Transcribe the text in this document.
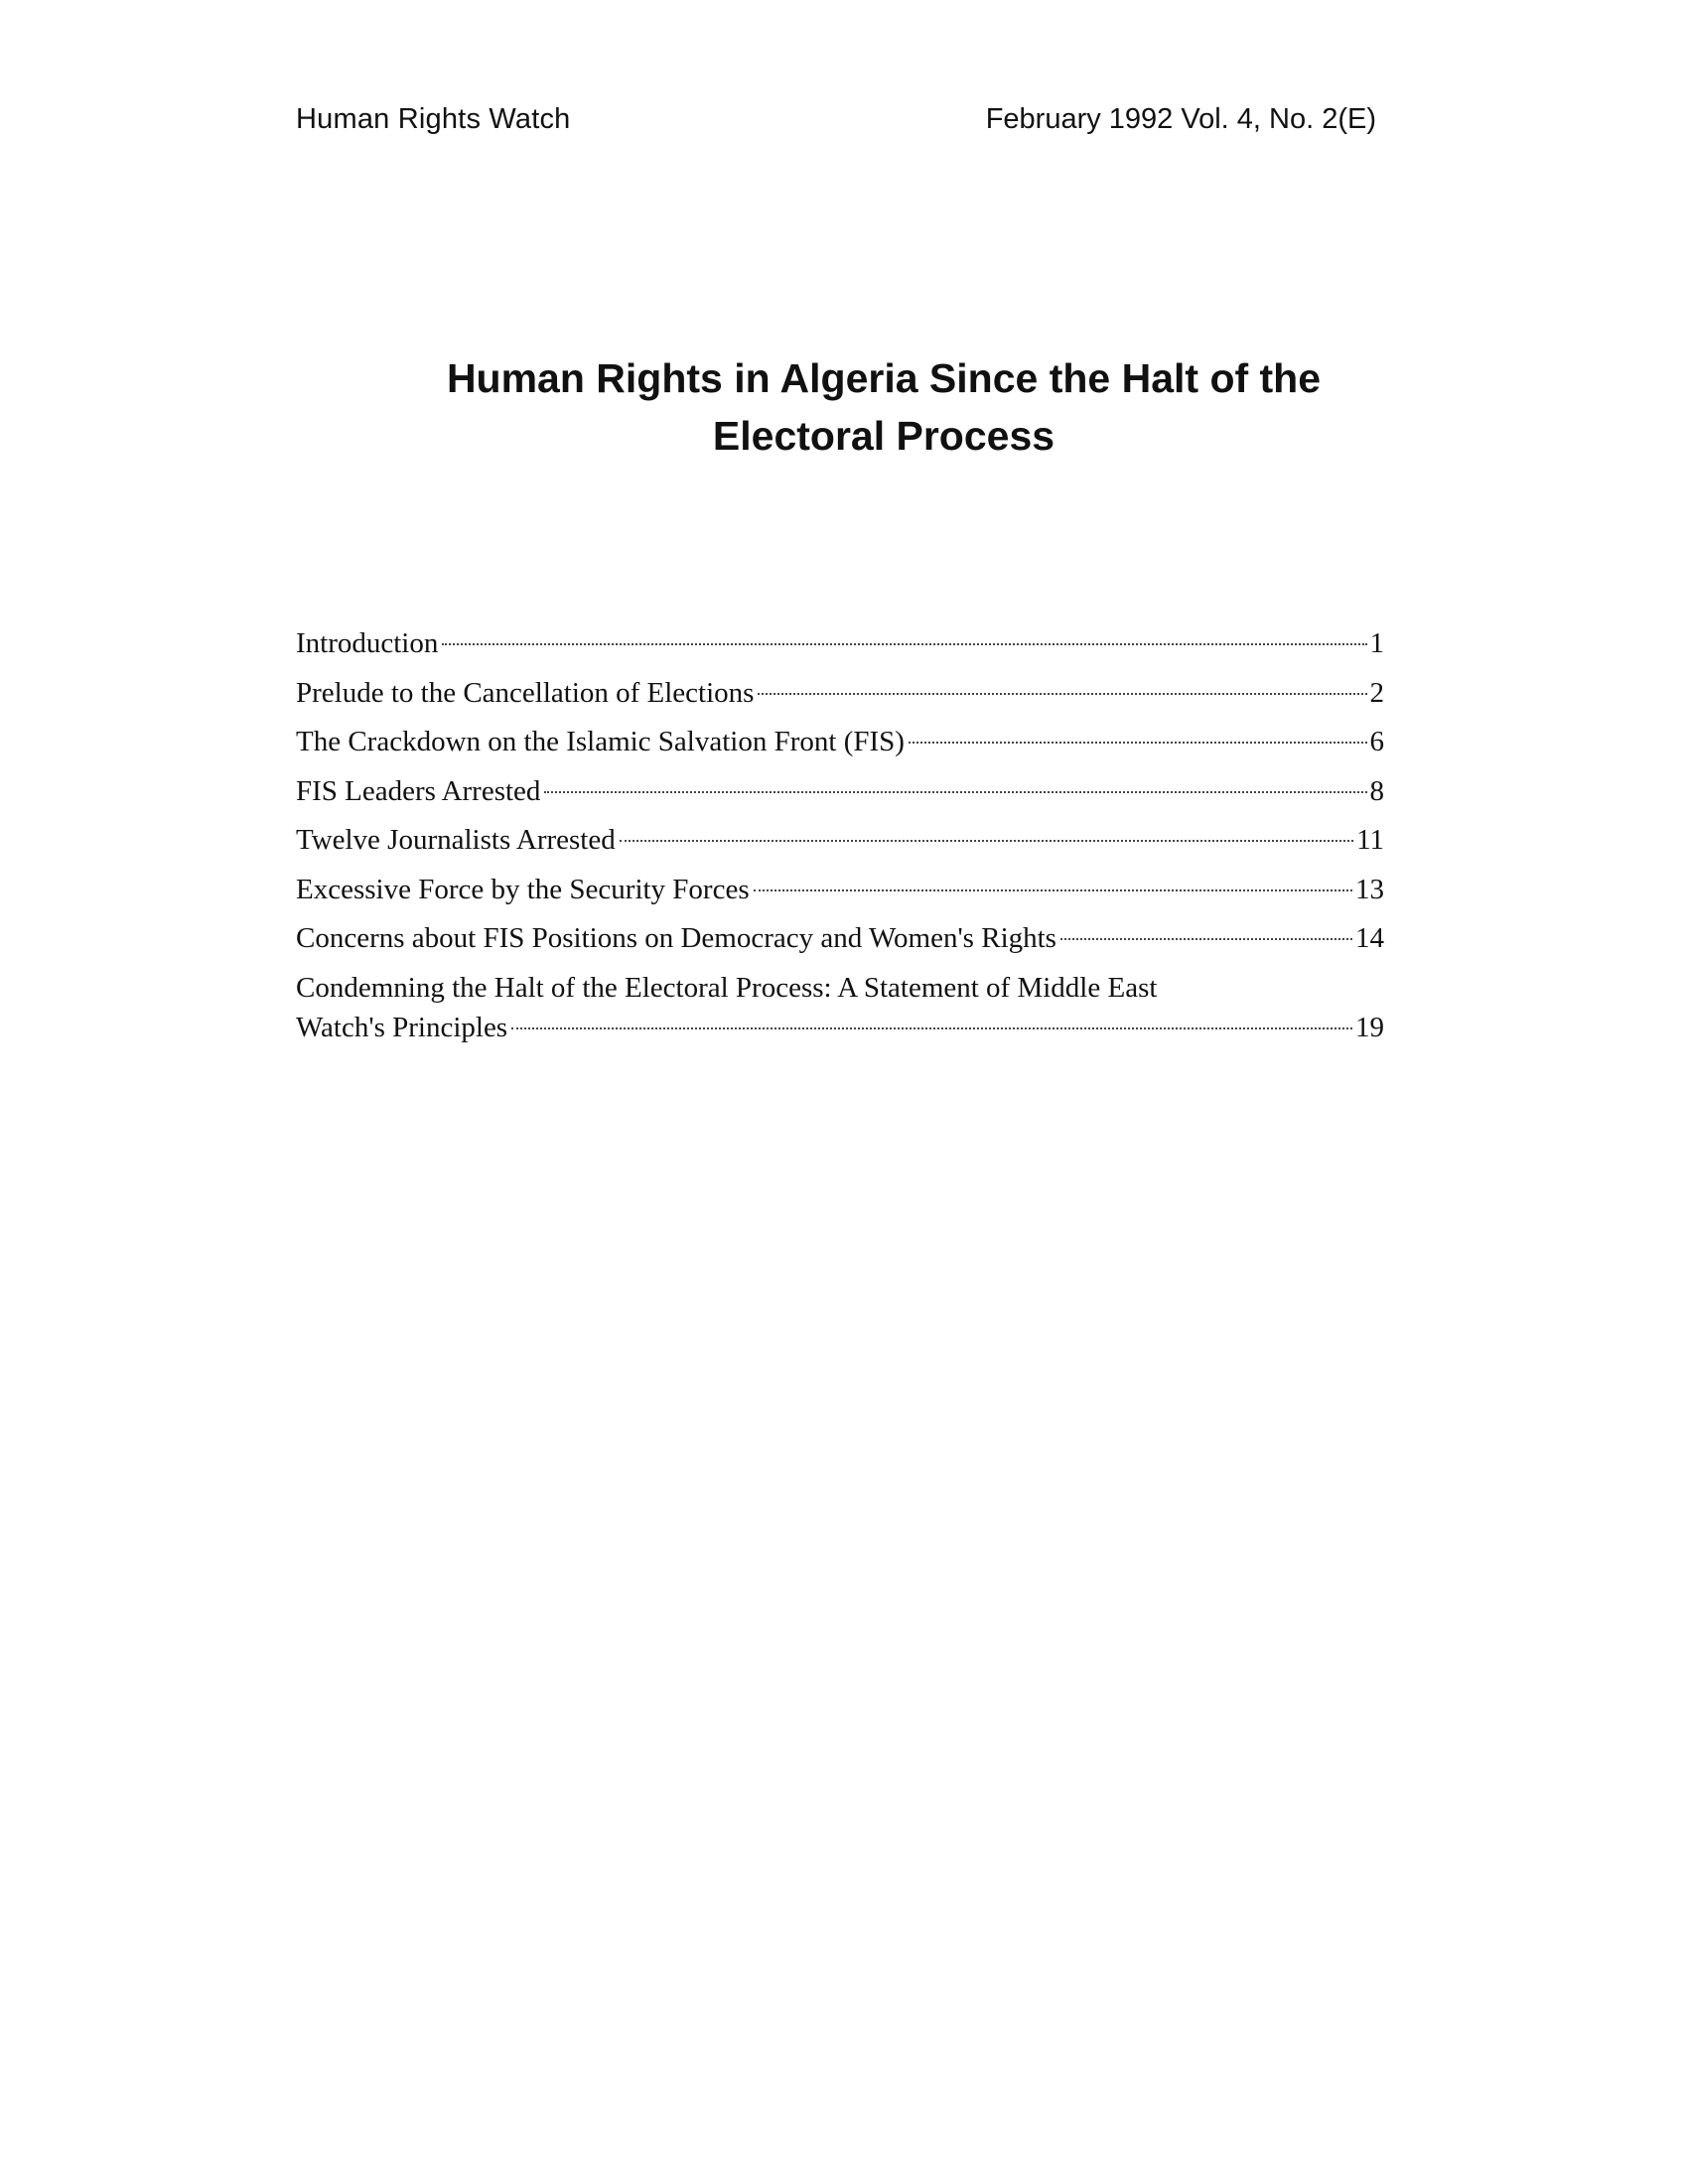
Human Rights Watch	February 1992 Vol. 4, No. 2(E)
Human Rights in Algeria Since the Halt of the
Electoral Process
Introduction	1
Prelude to the Cancellation of Elections	2
The Crackdown on the Islamic Salvation Front (FIS)	6
FIS Leaders Arrested	8
Twelve Journalists Arrested	11
Excessive Force by the Security Forces	13
Concerns about FIS Positions on Democracy and Women's Rights	14
Condemning the Halt of the Electoral Process: A Statement of Middle East
Watch's Principles	19
